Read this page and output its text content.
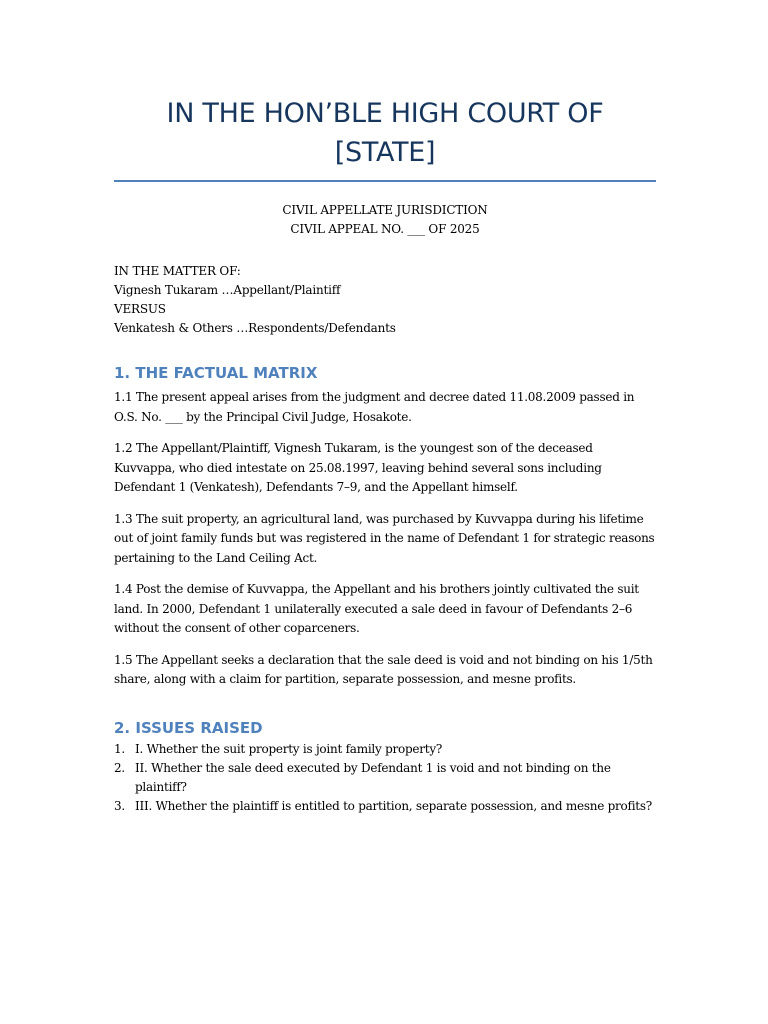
IN THE HON’BLE HIGH COURT OF [STATE]
CIVIL APPELLATE JURISDICTION
CIVIL APPEAL NO. ___ OF 2025
IN THE MATTER OF:
Vignesh Tukaram …Appellant/Plaintiff
VERSUS
Venkatesh & Others …Respondents/Defendants
1. THE FACTUAL MATRIX

1.1 The present appeal arises from the judgment and decree dated 11.08.2009 passed in O.S. No. ___ by the Principal Civil Judge, Hosakote.

1.2 The Appellant/Plaintiff, Vignesh Tukaram, is the youngest son of the deceased Kuvvappa, who died intestate on 25.08.1997, leaving behind several sons including Defendant 1 (Venkatesh), Defendants 7–9, and the Appellant himself.

1.3 The suit property, an agricultural land, was purchased by Kuvvappa during his lifetime out of joint family funds but was registered in the name of Defendant 1 for strategic reasons pertaining to the Land Ceiling Act.

1.4 Post the demise of Kuvvappa, the Appellant and his brothers jointly cultivated the suit land. In 2000, Defendant 1 unilaterally executed a sale deed in favour of Defendants 2–6 without the consent of other coparceners.

1.5 The Appellant seeks a declaration that the sale deed is void and not binding on his 1/5th share, along with a claim for partition, separate possession, and mesne profits.

2. ISSUES RAISED
1. I. Whether the suit property is joint family property?
2. II. Whether the sale deed executed by Defendant 1 is void and not binding on the plaintiff?
3. III. Whether the plaintiff is entitled to partition, separate possession, and mesne profits?
